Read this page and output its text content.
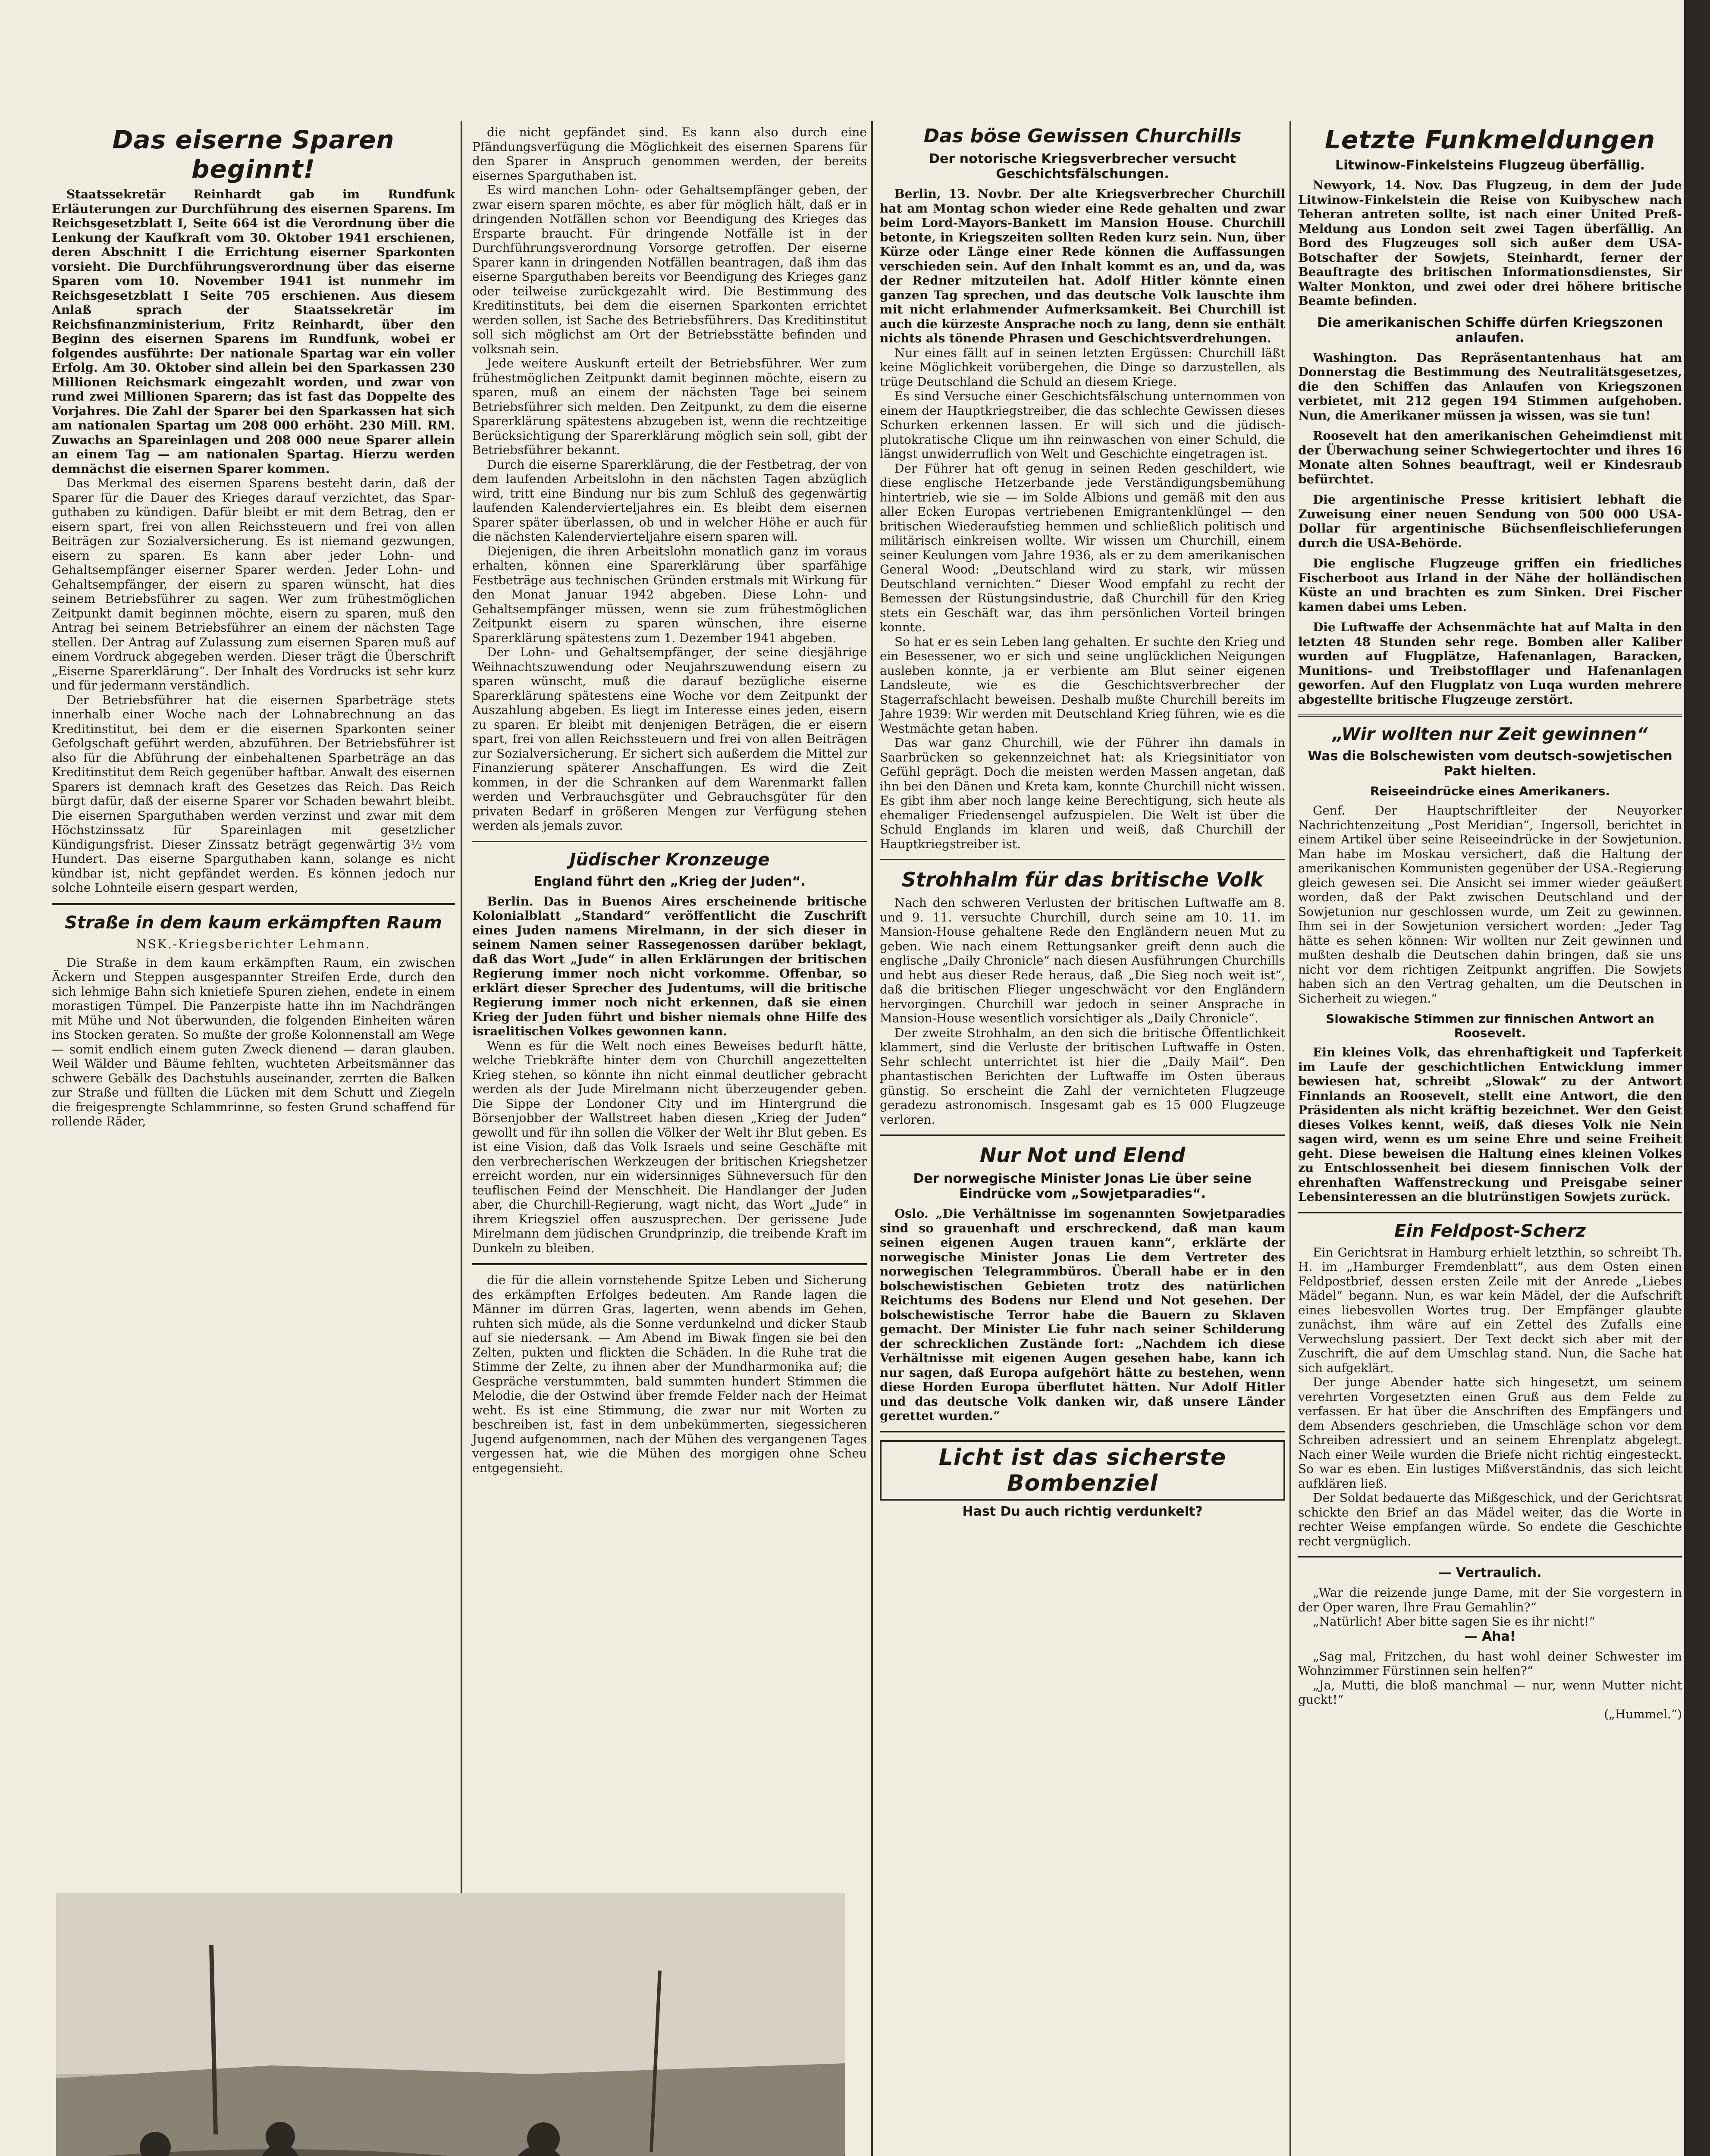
Das eiserne Sparen beginnt!

Staatssekretär Reinhardt gab im Rundfunk Erläuterungen zur Durchführung des eisernen Sparens. Im Reichsgesetzblatt I, Seite 664 ist die Verordnung über die Lenkung der Kaufkraft vom 30. Oktober 1941 erschienen, deren Abschnitt I die Errichtung eiserner Sparkonten vorsieht. Die Durchführungsverordnung über das eiserne Sparen vom 10. November 1941 ist nunmehr im Reichsgesetzblatt I Seite 705 erschienen. Aus diesem Anlaß sprach der Staatssekretär im Reichsfinanzministerium, Fritz Reinhardt, über den Beginn des eisernen Sparens im Rundfunk, wobei er folgendes ausführte: Der nationale Spartag war ein voller Erfolg. Am 30. Oktober sind allein bei den Sparkassen 230 Millionen Reichsmark eingezahlt worden, und zwar von rund zwei Millionen Sparern; das ist fast das Doppelte des Vorjahres. Die Zahl der Sparer bei den Sparkassen hat sich am nationalen Spartag um 208 000 erhöht. 230 Mill. RM. Zuwachs an Spareinlagen und 208 000 neue Sparer allein an einem Tag — am nationalen Spartag. Hierzu werden demnächst die eisernen Sparer kommen.

Das Merkmal des eisernen Sparens besteht darin, daß der Sparer für die Dauer des Krieges darauf verzichtet, das Sparguthaben zu kündigen. Dafür bleibt er mit dem Betrag, den er eisern spart, frei von allen Reichssteuern und frei von allen Beiträgen zur Sozialversicherung. Es ist niemand gezwungen, eisern zu sparen. Es kann aber jeder Lohn- und Gehaltsempfänger eiserner Sparer werden. Jeder Lohn- und Gehaltsempfänger, der eisern zu sparen wünscht, hat dies seinem Betriebsführer zu sagen. Wer zum frühestmöglichen Zeitpunkt damit beginnen möchte, eisern zu sparen, muß den Antrag bei seinem Betriebsführer an einem der nächsten Tage stellen. Der Antrag auf Zulassung zum eisernen Sparen muß auf einem Vordruck abgegeben werden. Dieser trägt die Überschrift „Eiserne Sparerklärung“. Der Inhalt des Vordrucks ist sehr kurz und für jedermann verständlich.

Der Betriebsführer hat die eisernen Sparbeträge stets innerhalb einer Woche nach der Lohnabrechnung an das Kreditinstitut, bei dem er die eisernen Sparkonten seiner Gefolgschaft geführt werden, abzuführen. Der Betriebsführer ist also für die Abführung der einbehaltenen Sparbeträge an das Kreditinstitut dem Reich gegenüber haftbar. Anwalt des eisernen Sparers ist demnach kraft des Gesetzes das Reich. Das Reich bürgt dafür, daß der eiserne Sparer vor Schaden bewahrt bleibt. Die eisernen Sparguthaben werden verzinst und zwar mit dem Höchstzinssatz für Spareinlagen mit gesetzlicher Kündigungsfrist. Dieser Zinssatz beträgt gegenwärtig 3½ vom Hundert. Das eiserne Sparguthaben kann, solange es nicht kündbar ist, nicht gepfändet werden. Es können jedoch nur solche Lohnteile eisern gespart werden,

Straße in dem kaum erkämpften Raum
NSK.-Kriegsberichter Lehmann.

Die Straße in dem kaum erkämpften Raum, ein zwischen Äckern und Steppen ausgespannter Streifen Erde, durch den sich lehmige Bahn sich knietiefe Spuren ziehen, endete in einem morastigen Tümpel. Die Panzerpiste hatte ihn im Nachdrängen mit Mühe und Not überwunden, die folgenden Einheiten wären ins Stocken geraten. So mußte der große Kolonnenstall am Wege — somit endlich einem guten Zweck dienend — daran glauben. Weil Wälder und Bäume fehlten, wuchteten Arbeitsmänner das schwere Gebälk des Dachstuhls auseinander, zerrten die Balken zur Straße und füllten die Lücken mit dem Schutt und Ziegeln die freigesprengte Schlammrinne, so festen Grund schaffend für rollende Räder,

die nicht gepfändet sind. Es kann also durch eine Pfändungsverfügung die Möglichkeit des eisernen Sparens für den Sparer in Anspruch genommen werden, der bereits eisernes Sparguthaben ist.

Es wird manchen Lohn- oder Gehaltsempfänger geben, der zwar eisern sparen möchte, es aber für möglich hält, daß er in dringenden Notfällen schon vor Beendigung des Krieges das Ersparte braucht. Für dringende Notfälle ist in der Durchführungsverordnung Vorsorge getroffen. Der eiserne Sparer kann in dringenden Notfällen beantragen, daß ihm das eiserne Sparguthaben bereits vor Beendigung des Krieges ganz oder teilweise zurückgezahlt wird. Die Bestimmung des Kreditinstituts, bei dem die eisernen Sparkonten errichtet werden sollen, ist Sache des Betriebsführers. Das Kreditinstitut soll sich möglichst am Ort der Betriebsstätte befinden und volksnah sein.

Jede weitere Auskunft erteilt der Betriebsführer. Wer zum frühestmöglichen Zeitpunkt damit beginnen möchte, eisern zu sparen, muß an einem der nächsten Tage bei seinem Betriebsführer sich melden. Den Zeitpunkt, zu dem die eiserne Sparerklärung spätestens abzugeben ist, wenn die rechtzeitige Berücksichtigung der Sparerklärung möglich sein soll, gibt der Betriebsführer bekannt.

Durch die eiserne Sparerklärung, die der Festbetrag, der von dem laufenden Arbeitslohn in den nächsten Tagen abzüglich wird, tritt eine Bindung nur bis zum Schluß des gegenwärtig laufenden Kalendervierteljahres ein. Es bleibt dem eisernen Sparer später überlassen, ob und in welcher Höhe er auch für die nächsten Kalendervierteljahre eisern sparen will.

Diejenigen, die ihren Arbeitslohn monatlich ganz im voraus erhalten, können eine Sparerklärung über sparfähige Festbeträge aus technischen Gründen erstmals mit Wirkung für den Monat Januar 1942 abgeben. Diese Lohn- und Gehaltsempfänger müssen, wenn sie zum frühestmöglichen Zeitpunkt eisern zu sparen wünschen, ihre eiserne Sparerklärung spätestens zum 1. Dezember 1941 abgeben.

Der Lohn- und Gehaltsempfänger, der seine diesjährige Weihnachtszuwendung oder Neujahrszuwendung eisern zu sparen wünscht, muß die darauf bezügliche eiserne Sparerklärung spätestens eine Woche vor dem Zeitpunkt der Auszahlung abgeben. Es liegt im Interesse eines jeden, eisern zu sparen. Er bleibt mit denjenigen Beträgen, die er eisern spart, frei von allen Reichssteuern und frei von allen Beiträgen zur Sozialversicherung. Er sichert sich außerdem die Mittel zur Finanzierung späterer Anschaffungen. Es wird die Zeit kommen, in der die Schranken auf dem Warenmarkt fallen werden und Verbrauchsgüter und Gebrauchsgüter für den privaten Bedarf in größeren Mengen zur Verfügung stehen werden als jemals zuvor.

Jüdischer Kronzeuge
England führt den „Krieg der Juden“.

Berlin. Das in Buenos Aires erscheinende britische Kolonialblatt „Standard“ veröffentlicht die Zuschrift eines Juden namens Mirelmann, in der sich dieser in seinem Namen seiner Rassegenossen darüber beklagt, daß das Wort „Jude“ in allen Erklärungen der britischen Regierung immer noch nicht vorkomme. Offenbar, so erklärt dieser Sprecher des Judentums, will die britische Regierung immer noch nicht erkennen, daß sie einen Krieg der Juden führt und bisher niemals ohne Hilfe des israelitischen Volkes gewonnen kann.

Wenn es für die Welt noch eines Beweises bedurft hätte, welche Triebkräfte hinter dem von Churchill angezettelten Krieg stehen, so könnte ihn nicht einmal deutlicher gebracht werden als der Jude Mirelmann nicht überzeugender geben. Die Sippe der Londoner City und im Hintergrund die Börsenjobber der Wallstreet haben diesen „Krieg der Juden“ gewollt und für ihn sollen die Völker der Welt ihr Blut geben. Es ist eine Vision, daß das Volk Israels und seine Geschäfte mit den verbrecherischen Werkzeugen der britischen Kriegshetzer erreicht worden, nur ein widersinniges Sühneversuch für den teuflischen Feind der Menschheit. Die Handlanger der Juden aber, die Churchill-Regierung, wagt nicht, das Wort „Jude“ in ihrem Kriegsziel offen auszusprechen. Der gerissene Jude Mirelmann dem jüdischen Grundprinzip, die treibende Kraft im Dunkeln zu bleiben.

die für die allein vornstehende Spitze Leben und Sicherung des erkämpften Erfolges bedeuten. Am Rande lagen die Männer im dürren Gras, lagerten, wenn abends im Gehen, ruhten sich müde, als die Sonne verdunkelnd und dicker Staub auf sie niedersank. — Am Abend im Biwak fingen sie bei den Zelten, pukten und flickten die Schäden. In die Ruhe trat die Stimme der Zelte, zu ihnen aber der Mundharmonika auf; die Gespräche verstummten, bald summten hundert Stimmen die Melodie, die der Ostwind über fremde Felder nach der Heimat weht. Es ist eine Stimmung, die zwar nur mit Worten zu beschreiben ist, fast in dem unbekümmerten, siegessicheren Jugend aufgenommen, nach der Mühen des vergangenen Tages vergessen hat, wie die Mühen des morgigen ohne Scheu entgegensieht.

Das böse Gewissen Churchills
Der notorische Kriegsverbrecher versucht Geschichtsfälschungen.

Berlin, 13. Novbr. Der alte Kriegsverbrecher Churchill hat am Montag schon wieder eine Rede gehalten und zwar beim Lord-Mayors-Bankett im Mansion House. Churchill betonte, in Kriegszeiten sollten Reden kurz sein. Nun, über Kürze oder Länge einer Rede können die Auffassungen verschieden sein. Auf den Inhalt kommt es an, und da, was der Redner mitzuteilen hat. Adolf Hitler könnte einen ganzen Tag sprechen, und das deutsche Volk lauschte ihm mit nicht erlahmender Aufmerksamkeit. Bei Churchill ist auch die kürzeste Ansprache noch zu lang, denn sie enthält nichts als tönende Phrasen und Geschichtsverdrehungen.

Nur eines fällt auf in seinen letzten Ergüssen: Churchill läßt keine Möglichkeit vorübergehen, die Dinge so darzustellen, als trüge Deutschland die Schuld an diesem Kriege.

Es sind Versuche einer Geschichtsfälschung unternommen von einem der Hauptkriegstreiber, die das schlechte Gewissen dieses Schurken erkennen lassen. Er will sich und die jüdisch-plutokratische Clique um ihn reinwaschen von einer Schuld, die längst unwiderruflich von Welt und Geschichte eingetragen ist.

Der Führer hat oft genug in seinen Reden geschildert, wie diese englische Hetzerbande jede Verständigungsbemühung hintertrieb, wie sie — im Solde Albions und gemäß mit den aus aller Ecken Europas vertriebenen Emigrantenklüngel — den britischen Wiederaufstieg hemmen und schließlich politisch und militärisch einkreisen wollte. Wir wissen um Churchill, einem seiner Keulungen vom Jahre 1936, als er zu dem amerikanischen General Wood: „Deutschland wird zu stark, wir müssen Deutschland vernichten.“ Dieser Wood empfahl zu recht der Bemessen der Rüstungsindustrie, daß Churchill für den Krieg stets ein Geschäft war, das ihm persönlichen Vorteil bringen konnte.

So hat er es sein Leben lang gehalten. Er suchte den Krieg und ein Besessener, wo er sich und seine unglücklichen Neigungen ausleben konnte, ja er verbiente am Blut seiner eigenen Landsleute, wie es die Geschichtsverbrecher der Stagerrafschlacht beweisen. Deshalb mußte Churchill bereits im Jahre 1939: Wir werden mit Deutschland Krieg führen, wie es die Westmächte getan haben.

Das war ganz Churchill, wie der Führer ihn damals in Saarbrücken so gekennzeichnet hat: als Kriegsinitiator von Gefühl geprägt. Doch die meisten werden Massen angetan, daß ihn bei den Dänen und Kreta kam, konnte Churchill nicht wissen. Es gibt ihm aber noch lange keine Berechtigung, sich heute als ehemaliger Friedensengel aufzuspielen. Die Welt ist über die Schuld Englands im klaren und weiß, daß Churchill der Hauptkriegstreiber ist.

Strohhalm für das britische Volk

Nach den schweren Verlusten der britischen Luftwaffe am 8. und 9. 11. versuchte Churchill, durch seine am 10. 11. im Mansion-House gehaltene Rede den Engländern neuen Mut zu geben. Wie nach einem Rettungsanker greift denn auch die englische „Daily Chronicle“ nach diesen Ausführungen Churchills und hebt aus dieser Rede heraus, daß „Die Sieg noch weit ist“, daß die britischen Flieger ungeschwächt vor den Engländern hervorgingen. Churchill war jedoch in seiner Ansprache in Mansion-House wesentlich vorsichtiger als „Daily Chronicle“.

Der zweite Strohhalm, an den sich die britische Öffentlichkeit klammert, sind die Verluste der britischen Luftwaffe in Osten. Sehr schlecht unterrichtet ist hier die „Daily Mail“. Den phantastischen Berichten der Luftwaffe im Osten überaus günstig. So erscheint die Zahl der vernichteten Flugzeuge geradezu astronomisch. Insgesamt gab es 15 000 Flugzeuge verloren.

Nur Not und Elend
Der norwegische Minister Jonas Lie über seine Eindrücke vom „Sowjetparadies“.

Oslo. „Die Verhältnisse im sogenannten Sowjetparadies sind so grauenhaft und erschreckend, daß man kaum seinen eigenen Augen trauen kann“, erklärte der norwegische Minister Jonas Lie dem Vertreter des norwegischen Telegrammbüros. Überall habe er in den bolschewistischen Gebieten trotz des natürlichen Reichtums des Bodens nur Elend und Not gesehen. Der bolschewistische Terror habe die Bauern zu Sklaven gemacht. Der Minister Lie fuhr nach seiner Schilderung der schrecklichen Zustände fort: „Nachdem ich diese Verhältnisse mit eigenen Augen gesehen habe, kann ich nur sagen, daß Europa aufgehört hätte zu bestehen, wenn diese Horden Europa überflutet hätten. Nur Adolf Hitler und das deutsche Volk danken wir, daß unsere Länder gerettet wurden.“

Licht ist das sicherste Bombenziel
Hast Du auch richtig verdunkelt?
Letzte Funkmeldungen
Litwinow-Finkelsteins Flugzeug überfällig.

Newyork, 14. Nov. Das Flugzeug, in dem der Jude Litwinow-Finkelstein die Reise von Kuibyschew nach Teheran antreten sollte, ist nach einer United Preß-Meldung aus London seit zwei Tagen überfällig. An Bord des Flugzeuges soll sich außer dem USA-Botschafter der Sowjets, Steinhardt, ferner der Beauftragte des britischen Informationsdienstes, Sir Walter Monkton, und zwei oder drei höhere britische Beamte befinden.

Die amerikanischen Schiffe dürfen Kriegszonen anlaufen.

Washington. Das Repräsentantenhaus hat am Donnerstag die Bestimmung des Neutralitätsgesetzes, die den Schiffen das Anlaufen von Kriegszonen verbietet, mit 212 gegen 194 Stimmen aufgehoben. Nun, die Amerikaner müssen ja wissen, was sie tun!

Roosevelt hat den amerikanischen Geheimdienst mit der Überwachung seiner Schwiegertochter und ihres 16 Monate alten Sohnes beauftragt, weil er Kindesraub befürchtet.

Die argentinische Presse kritisiert lebhaft die Zuweisung einer neuen Sendung von 500 000 USA-Dollar für argentinische Büchsenfleischlieferungen durch die USA-Behörde.

Die englische Flugzeuge griffen ein friedliches Fischerboot aus Irland in der Nähe der holländischen Küste an und brachten es zum Sinken. Drei Fischer kamen dabei ums Leben.

Die Luftwaffe der Achsenmächte hat auf Malta in den letzten 48 Stunden sehr rege. Bomben aller Kaliber wurden auf Flugplätze, Hafenanlagen, Baracken, Munitions- und Treibstofflager und Hafenanlagen geworfen. Auf den Flugplatz von Luqa wurden mehrere abgestellte britische Flugzeuge zerstört.

„Wir wollten nur Zeit gewinnen“
Was die Bolschewisten vom deutsch-sowjetischen Pakt hielten.
Reiseeindrücke eines Amerikaners.

Genf. Der Hauptschriftleiter der Neuyorker Nachrichtenzeitung „Post Meridian“, Ingersoll, berichtet in einem Artikel über seine Reiseeindrücke in der Sowjetunion. Man habe im Moskau versichert, daß die Haltung der amerikanischen Kommunisten gegenüber der USA.-Regierung gleich gewesen sei. Die Ansicht sei immer wieder geäußert worden, daß der Pakt zwischen Deutschland und der Sowjetunion nur geschlossen wurde, um Zeit zu gewinnen. Ihm sei in der Sowjetunion versichert worden: „Jeder Tag hätte es sehen können: Wir wollten nur Zeit gewinnen und mußten deshalb die Deutschen dahin bringen, daß sie uns nicht vor dem richtigen Zeitpunkt angriffen. Die Sowjets haben sich an den Vertrag gehalten, um die Deutschen in Sicherheit zu wiegen.“

Slowakische Stimmen zur finnischen Antwort an Roosevelt.

Ein kleines Volk, das ehrenhaftigkeit und Tapferkeit im Laufe der geschichtlichen Entwicklung immer bewiesen hat, schreibt „Slowak“ zu der Antwort Finnlands an Roosevelt, stellt eine Antwort, die den Präsidenten als nicht kräftig bezeichnet. Wer den Geist dieses Volkes kennt, weiß, daß dieses Volk nie Nein sagen wird, wenn es um seine Ehre und seine Freiheit geht. Diese beweisen die Haltung eines kleinen Volkes zu Entschlossenheit bei diesem finnischen Volk der ehrenhaften Waffenstreckung und Preisgabe seiner Lebensinteressen an die blutrünstigen Sowjets zurück.

Ein Feldpost-Scherz

Ein Gerichtsrat in Hamburg erhielt letzthin, so schreibt Th. H. im „Hamburger Fremdenblatt“, aus dem Osten einen Feldpostbrief, dessen ersten Zeile mit der Anrede „Liebes Mädel“ begann. Nun, es war kein Mädel, der die Aufschrift eines liebesvollen Wortes trug. Der Empfänger glaubte zunächst, ihm wäre auf ein Zettel des Zufalls eine Verwechslung passiert. Der Text deckt sich aber mit der Zuschrift, die auf dem Umschlag stand. Nun, die Sache hat sich aufgeklärt.

Der junge Abender hatte sich hingesetzt, um seinem verehrten Vorgesetzten einen Gruß aus dem Felde zu verfassen. Er hat über die Anschriften des Empfängers und dem Absenders geschrieben, die Umschläge schon vor dem Schreiben adressiert und an seinem Ehrenplatz abgelegt. Nach einer Weile wurden die Briefe nicht richtig eingesteckt. So war es eben. Ein lustiges Mißverständnis, das sich leicht aufklären ließ.

Der Soldat bedauerte das Mißgeschick, und der Gerichtsrat schickte den Brief an das Mädel weiter, das die Worte in rechter Weise empfangen würde. So endete die Geschichte recht vergnüglich.

— Vertraulich.

„War die reizende junge Dame, mit der Sie vorgestern in der Oper waren, Ihre Frau Gemahlin?“

„Natürlich! Aber bitte sagen Sie es ihr nicht!“

— Aha!

„Sag mal, Fritzchen, du hast wohl deiner Schwester im Wohnzimmer Fürstinnen sein helfen?“

„Ja, Mutti, die bloß manchmal — nur, wenn Mutter nicht guckt!“

(„Hummel.“)
